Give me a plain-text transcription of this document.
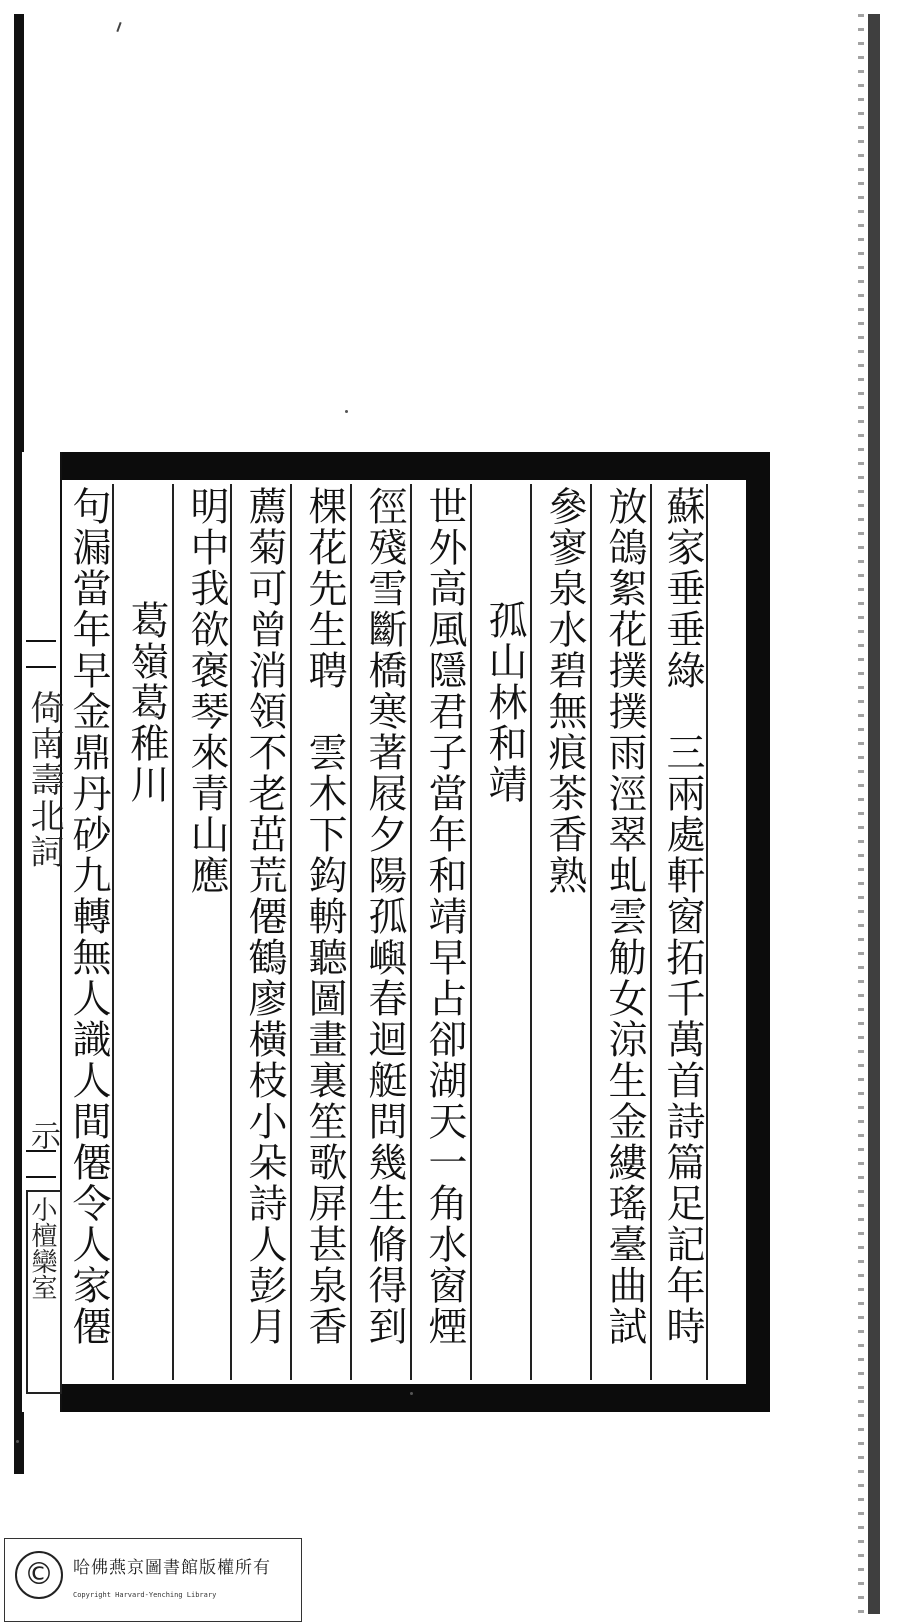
蘇家垂垂綠　三兩處軒窗拓千萬首詩篇足記年時
放鴿絮花撲撲雨涇翠虬雲觔女涼生金縷瑤臺曲試
參寥泉水碧無痕茶香熟
孤山林和靖
世外高風隱君子當年和靖早占卻湖天一角水窗煙
徑殘雪斷橋寒著屐夕陽孤嶼春迴艇問幾生脩得到
棵花先生聘　雲木下鈎輈聽圖畫裏笙歌屏甚泉香
薦菊可曾消領不老茁荒僊鶴廖橫枝小朵詩人彭月
明中我欲褒琴來青山應
葛嶺葛稚川
句漏當年早金鼎丹砂九轉無人識人間僊令人家僊
倚南壽北詞
示
小檀欒室
©	哈佛燕京圖書館版權所有
Copyright Harvard-Yenching Library
